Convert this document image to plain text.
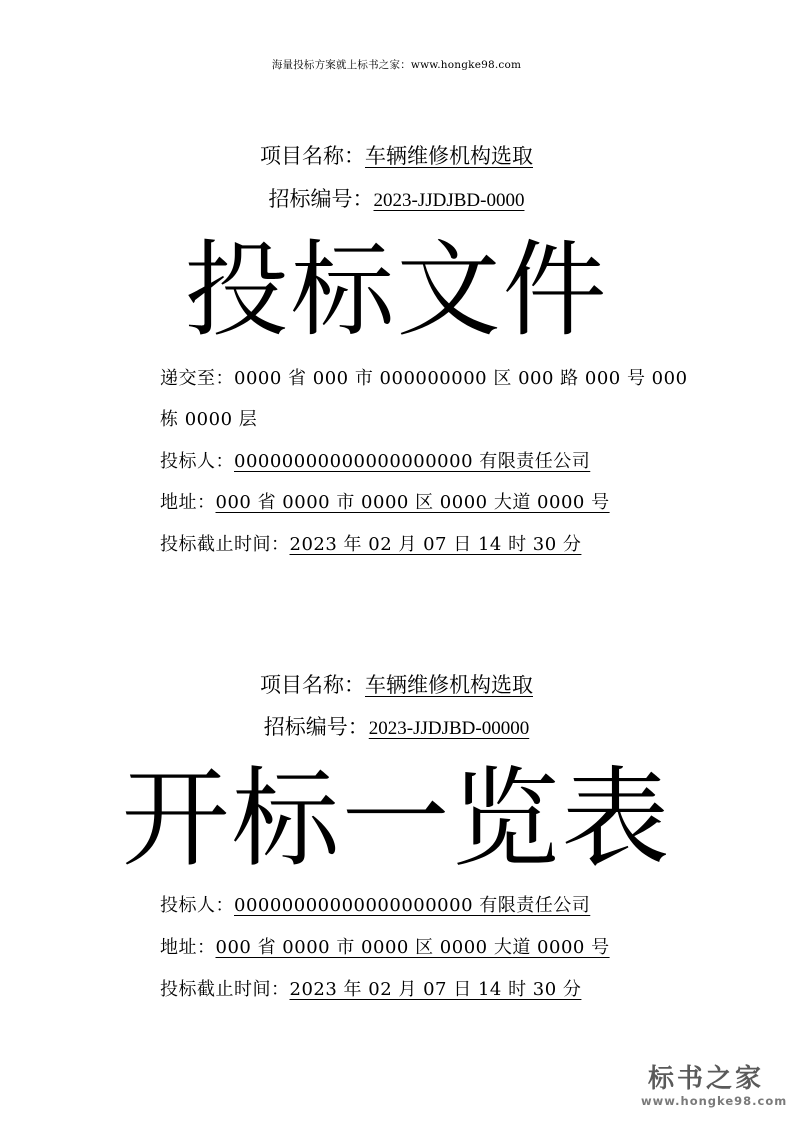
海量投标方案就上标书之家：www.hongke98.com
项目名称：车辆维修机构选取
招标编号：2023-JJDJBD-0000
投标文件
递交至：0000 省 000 市 000000000 区 000 路 000 号 000
栋 0000 层
投标人：00000000000000000000 有限责任公司
地址：000 省 0000 市 0000 区 0000 大道 0000 号
投标截止时间：2023 年 02 月 07 日 14 时 30 分
项目名称：车辆维修机构选取
招标编号：2023-JJDJBD-00000
开标一览表
投标人：00000000000000000000 有限责任公司
地址：000 省 0000 市 0000 区 0000 大道 0000 号
投标截止时间：2023 年 02 月 07 日 14 时 30 分
标书之家
www.hongke98.com
